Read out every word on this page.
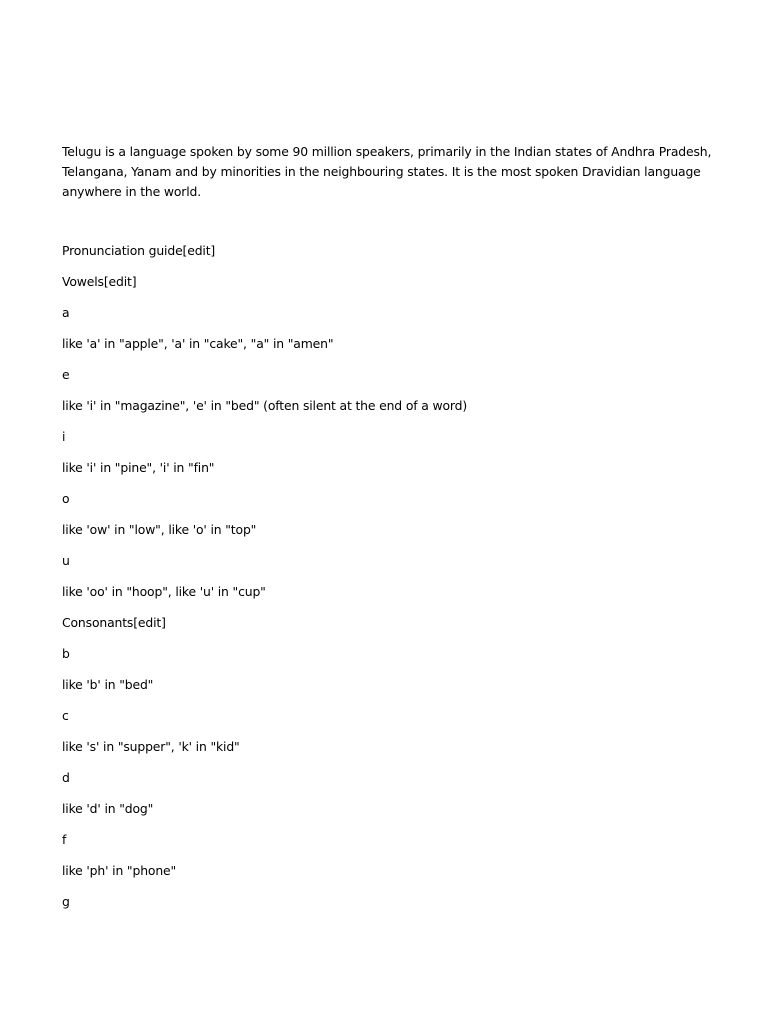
Telugu is a language spoken by some 90 million speakers, primarily in the Indian states of Andhra Pradesh, Telangana, Yanam and by minorities in the neighbouring states. It is the most spoken Dravidian language anywhere in the world.

Pronunciation guide[edit]

Vowels[edit]

a

like 'a' in "apple", 'a' in "cake", "a" in "amen"

e

like 'i' in "magazine", 'e' in "bed" (often silent at the end of a word)

i

like 'i' in "pine", 'i' in "fin"

o

like 'ow' in "low", like 'o' in "top"

u

like 'oo' in "hoop", like 'u' in "cup"

Consonants[edit]

b

like 'b' in "bed"

c

like 's' in "supper", 'k' in "kid"

d

like 'd' in "dog"

f

like 'ph' in "phone"

g
